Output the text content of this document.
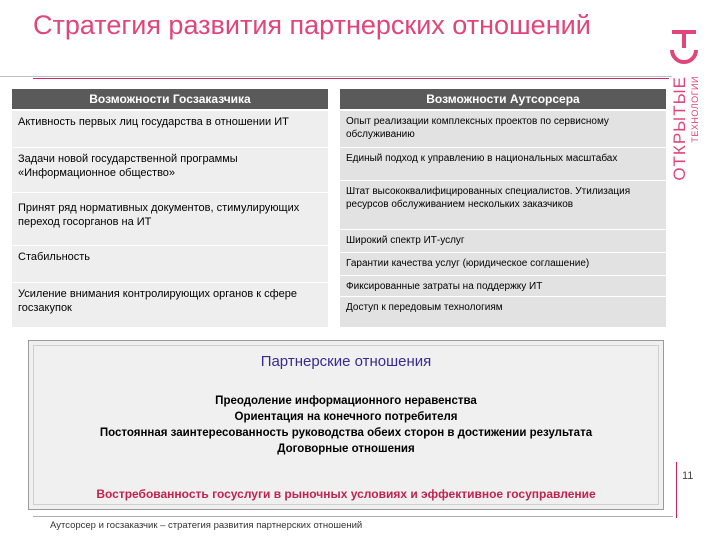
Стратегия развития партнерских отношений
ОТКРЫТЫЕ ТЕХНОЛОГИИ
Возможности Госзаказчика	Возможности Аутсорсера
Активность первых лиц государства в отношении ИТ
Задачи новой государственной программы «Информационное общество»
Принят ряд нормативных документов, стимулирующих переход госорганов на ИТ
Стабильность
Усиление внимания контролирующих органов к сфере госзакупок
Опыт реализации комплексных проектов по сервисному обслуживанию
Единый подход к управлению в национальных масштабах
Штат высококвалифицированных специалистов. Утилизация ресурсов обслуживанием нескольких заказчиков
Широкий спектр ИТ-услуг
Гарантии качества услуг (юридическое соглашение)
Фиксированные затраты на поддержку ИТ
Доступ к передовым технологиям
Партнерские отношения
Преодоление информационного неравенства
Ориентация на конечного потребителя
Постоянная заинтересованность руководства обеих сторон в достижении результата
Договорные отношения
Востребованность госуслуги в рыночных условиях и эффективное госуправление
11
Аутсорсер и госзаказчик – стратегия развития партнерских отношений
